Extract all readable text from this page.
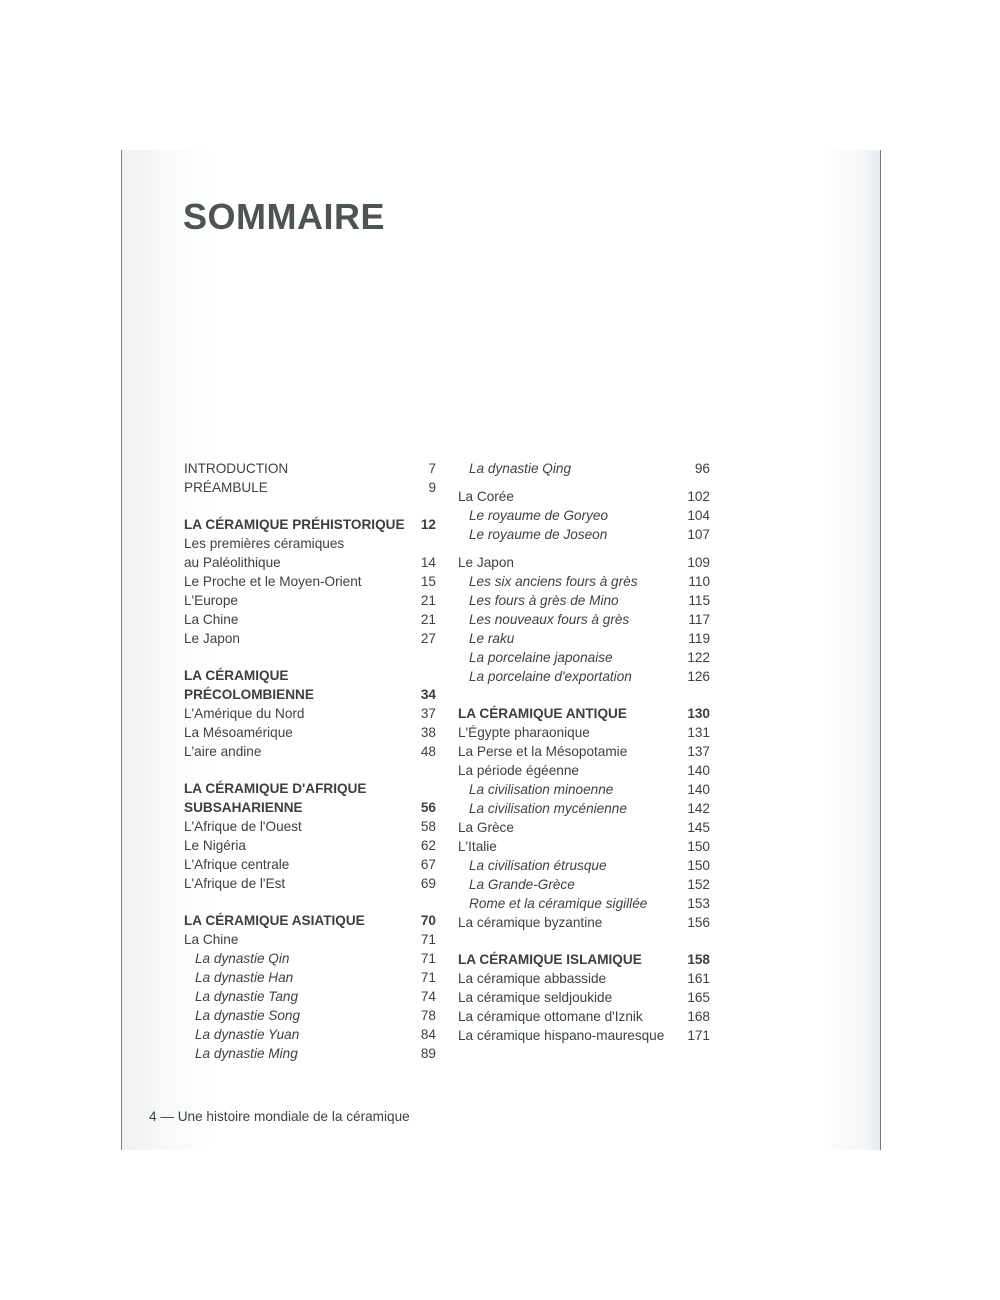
SOMMAIRE
INTRODUCTION	7
PRÉAMBULE	9
LA CÉRAMIQUE PRÉHISTORIQUE	12
Les premières céramiques
au Paléolithique	14
Le Proche et le Moyen-Orient	15
L'Europe	21
La Chine	21
Le Japon	27
LA CÉRAMIQUE
PRÉCOLOMBIENNE	34
L'Amérique du Nord	37
La Mésoamérique	38
L'aire andine	48
LA CÉRAMIQUE D'AFRIQUE
SUBSAHARIENNE	56
L'Afrique de l'Ouest	58
Le Nigéria	62
L'Afrique centrale	67
L'Afrique de l'Est	69
LA CÉRAMIQUE ASIATIQUE	70
La Chine	71
La dynastie Qin	71
La dynastie Han	71
La dynastie Tang	74
La dynastie Song	78
La dynastie Yuan	84
La dynastie Ming	89
La dynastie Qing	96
La Corée	102
Le royaume de Goryeo	104
Le royaume de Joseon	107
Le Japon	109
Les six anciens fours à grès	110
Les fours à grès de Mino	115
Les nouveaux fours à grès	117
Le raku	119
La porcelaine japonaise	122
La porcelaine d'exportation	126
LA CÉRAMIQUE ANTIQUE	130
L'Égypte pharaonique	131
La Perse et la Mésopotamie	137
La période égéenne	140
La civilisation minoenne	140
La civilisation mycénienne	142
La Grèce	145
L'Italie	150
La civilisation étrusque	150
La Grande-Grèce	152
Rome et la céramique sigillée	153
La céramique byzantine	156
LA CÉRAMIQUE ISLAMIQUE	158
La céramique abbasside	161
La céramique seldjoukide	165
La céramique ottomane d'Iznik	168
La céramique hispano-mauresque	171
4 — Une histoire mondiale de la céramique
